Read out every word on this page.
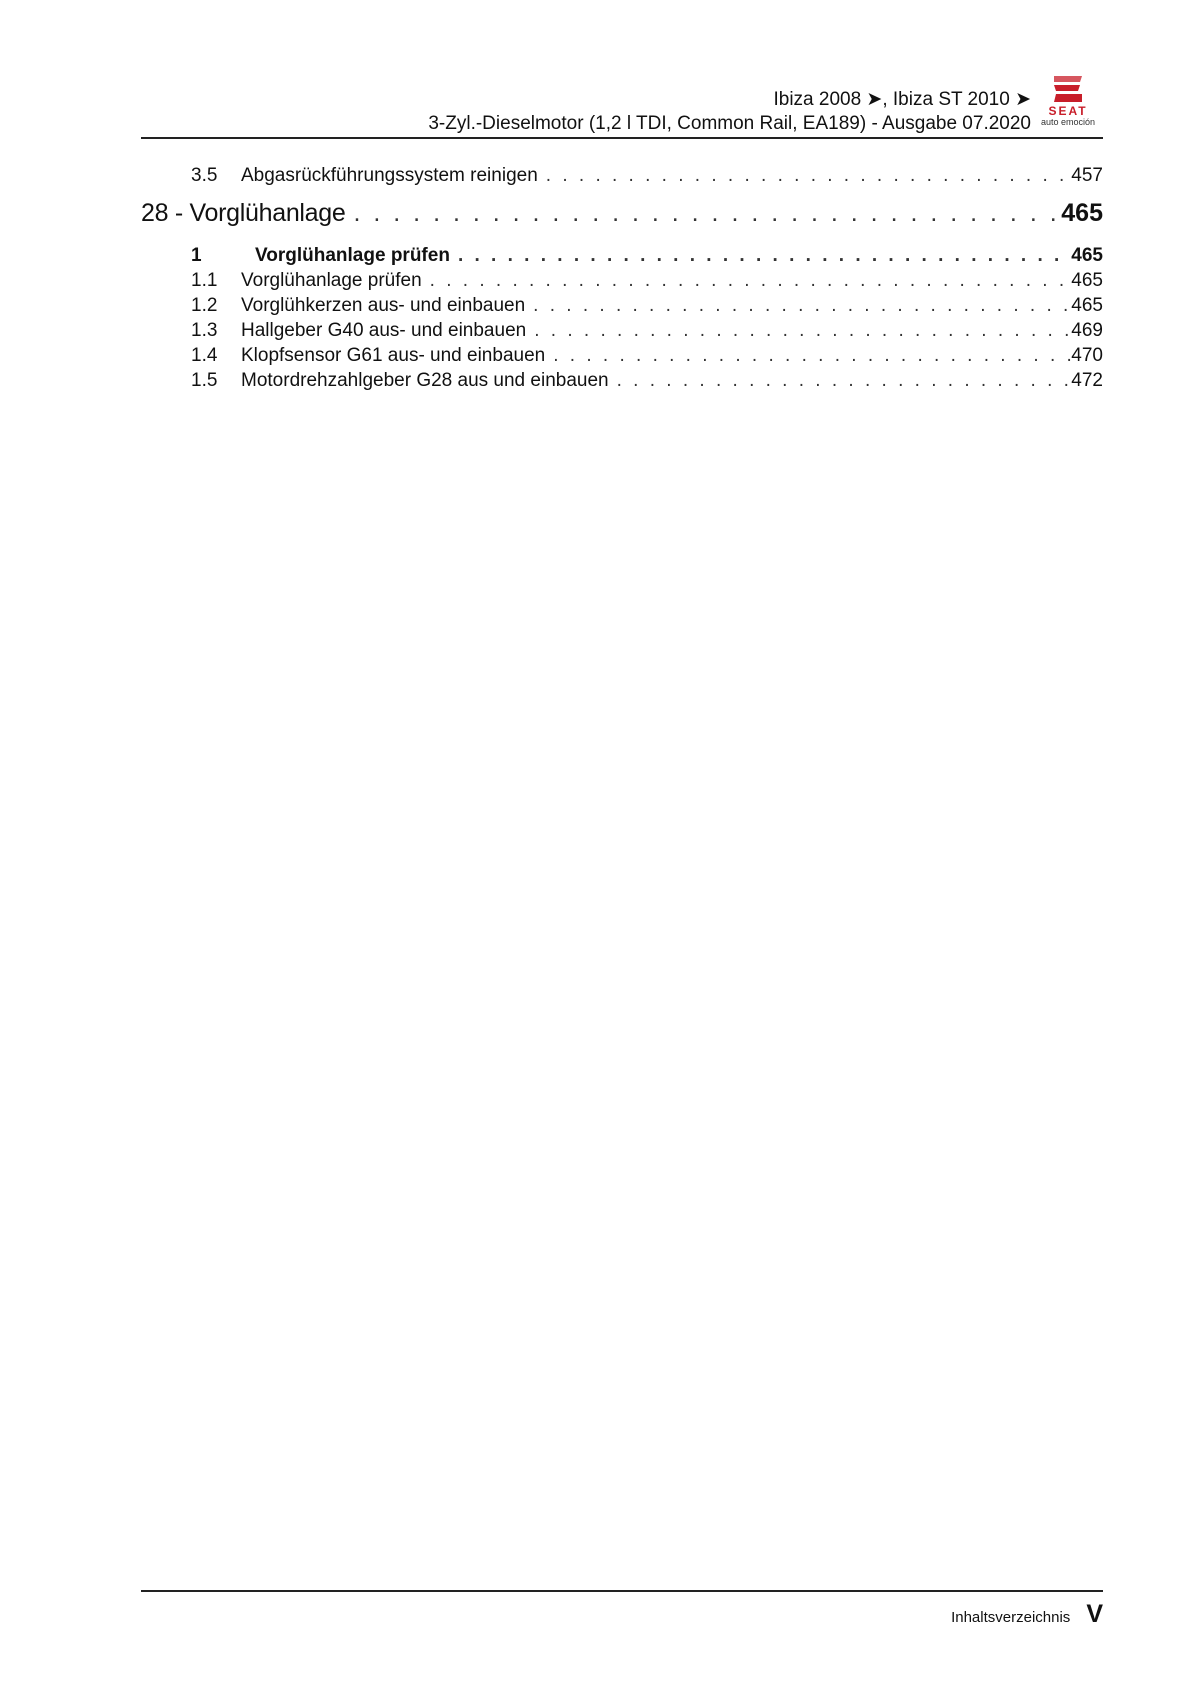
Ibiza 2008 ➤, Ibiza ST 2010 ➤
3-Zyl.-Dieselmotor (1,2 l TDI, Common Rail, EA189) - Ausgabe 07.2020
SEAT
auto emoción
3.5	Abgasrückführungssystem reinigen . . .	457
28 - Vorglühanlage . . .	465
1	Vorglühanlage prüfen . . .	465
1.1	Vorglühanlage prüfen . . .	465
1.2	Vorglühkerzen aus- und einbauen . . .	465
1.3	Hallgeber G40 aus- und einbauen . . .	469
1.4	Klopfsensor G61 aus- und einbauen . . .	470
1.5	Motordrehzahlgeber G28 aus und einbauen . . .	472
Inhaltsverzeichnis V
